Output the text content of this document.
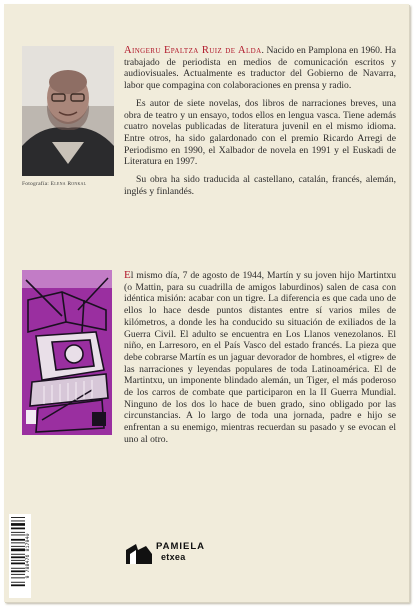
Fotografía: Elena Ronkal

Aingeru Epaltza Ruiz de Alda. Nacido en Pamplona en 1960. Ha trabajado de periodista en medios de comunicación escritos y audiovisuales. Actualmente es traductor del Gobierno de Navarra, labor que compagina con colaboraciones en prensa y radio.

Es autor de siete novelas, dos libros de narraciones breves, una obra de teatro y un ensayo, todos ellos en lengua vasca. Tiene además cuatro novelas publicadas de literatura juvenil en el mismo idioma. Entre otros, ha sido galardonado con el premio Ricardo Arregi de Periodismo en 1990, el Xalbador de novela en 1991 y el Euskadi de Literatura en 1997.

Su obra ha sido traducida al castellano, catalán, francés, alemán, inglés y finlandés.

El mismo día, 7 de agosto de 1944, Martín y su joven hijo Martintxu (o Mattin, para su cuadrilla de amigos laburdinos) salen de casa con idéntica misión: acabar con un tigre. La diferencia es que cada uno de ellos lo hace desde puntos distantes entre sí varios miles de kilómetros, a donde les ha conducido su situación de exiliados de la Guerra Civil. El adulto se encuentra en Los Llanos venezolanos. El niño, en Larresoro, en el País Vasco del estado francés. La pieza que debe cobrarse Martín es un jaguar devorador de hombres, el «tigre» de las narraciones y leyendas populares de toda Latinoamérica. El de Martintxu, un imponente blindado alemán, un Tiger, el más poderoso de los carros de combate que participaron en la II Guerra Mundial. Ninguno de los dos lo hace de buen grado, sino obligado por las circunstancias. A lo largo de toda una jornada, padre e hijo se enfrentan a su enemigo, mientras recuerdan su pasado y se evocan el uno al otro.

9 788476 817940	PAMIELA
etxea
